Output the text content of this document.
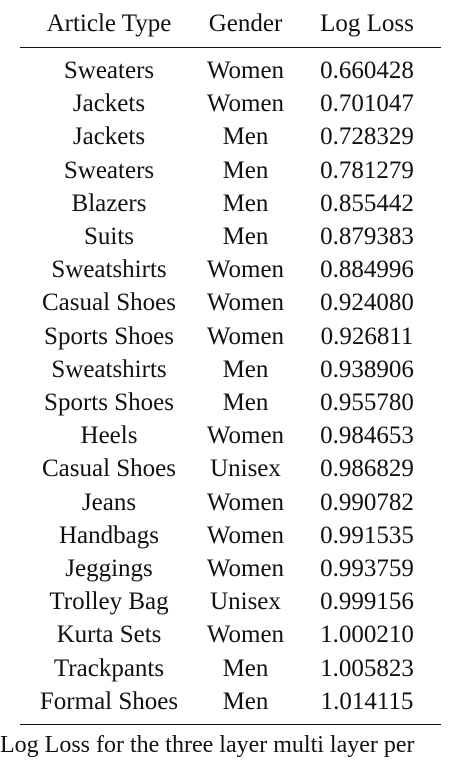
Article Type	Gender	Log Loss
Sweaters	Women	0.660428
Jackets	Women	0.701047
Jackets	Men	0.728329
Sweaters	Men	0.781279
Blazers	Men	0.855442
Suits	Men	0.879383
Sweatshirts	Women	0.884996
Casual Shoes	Women	0.924080
Sports Shoes	Women	0.926811
Sweatshirts	Men	0.938906
Sports Shoes	Men	0.955780
Heels	Women	0.984653
Casual Shoes	Unisex	0.986829
Jeans	Women	0.990782
Handbags	Women	0.991535
Jeggings	Women	0.993759
Trolley Bag	Unisex	0.999156
Kurta Sets	Women	1.000210
Trackpants	Men	1.005823
Formal Shoes	Men	1.014115
Log Loss for the three layer multi layer per
